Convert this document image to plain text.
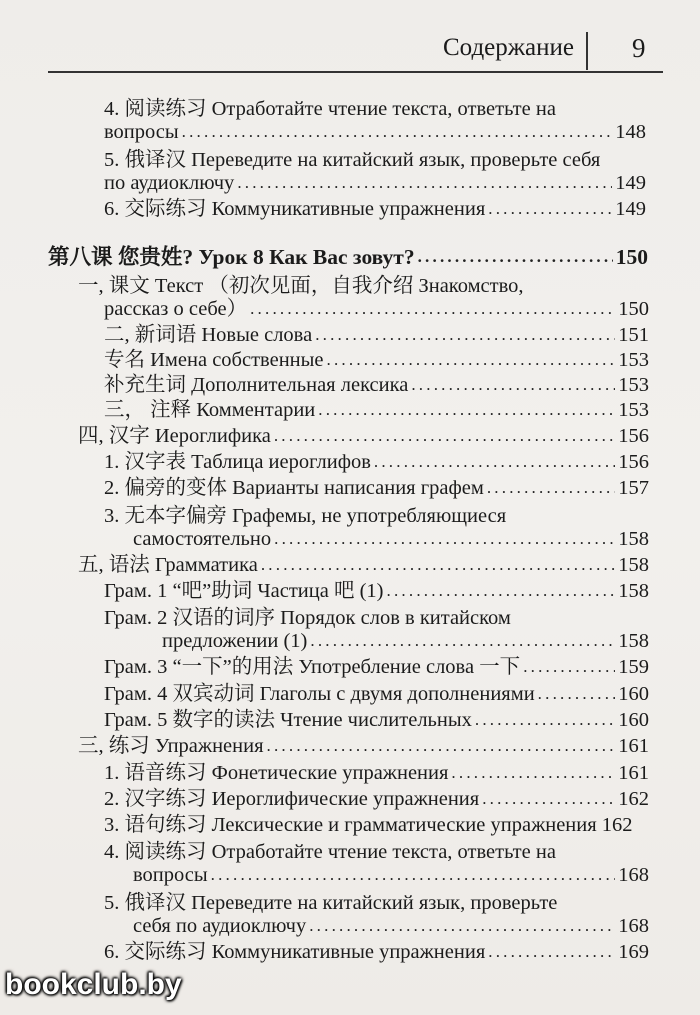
Содержание 9
4. 阅读练习 Отработайте чтение текста, ответьте на
вопросы .....	148
5. 俄译汉 Переведите на китайский язык, проверьте себя
по аудиоключу .....	149
6. 交际练习 Коммуникативные упражнения .....	149
第八课 您贵姓? Урок 8 Как Вас зовут? .....	150
一, 课文 Текст （初次见面，自我介绍 Знакомство,
рассказ о себе） .....	150
二, 新词语 Новые слова .....	151
专名 Имена собственные .....	153
补充生词 Дополнительная лексика .....	153
三， 注释 Комментарии .....	153
四, 汉字 Иероглифика .....	156
1. 汉字表 Таблица иероглифов .....	156
2. 偏旁的变体 Варианты написания графем .....	157
3. 无本字偏旁 Графемы, не употребляющиеся
самостоятельно .....	158
五, 语法 Грамматика .....	158
Грам. 1 “吧”助词 Частица 吧 (1) .....	158
Грам. 2 汉语的词序 Порядок слов в китайском
предложении (1) .....	158
Грам. 3 “一下”的用法 Употребление слова 一下 .....	159
Грам. 4 双宾动词 Глаголы с двумя дополнениями .....	160
Грам. 5 数字的读法 Чтение числительных .....	160
三, 练习 Упражнения .....	161
1. 语音练习 Фонетические упражнения .....	161
2. 汉字练习 Иероглифические упражнения .....	162
3. 语句练习 Лексические и грамматические упражнения 162
4. 阅读练习 Отработайте чтение текста, ответьте на
вопросы .....	168
5. 俄译汉 Переведите на китайский язык, проверьте
себя по аудиоключу .....	168
6. 交际练习 Коммуникативные упражнения .....	169
bookclub.by
